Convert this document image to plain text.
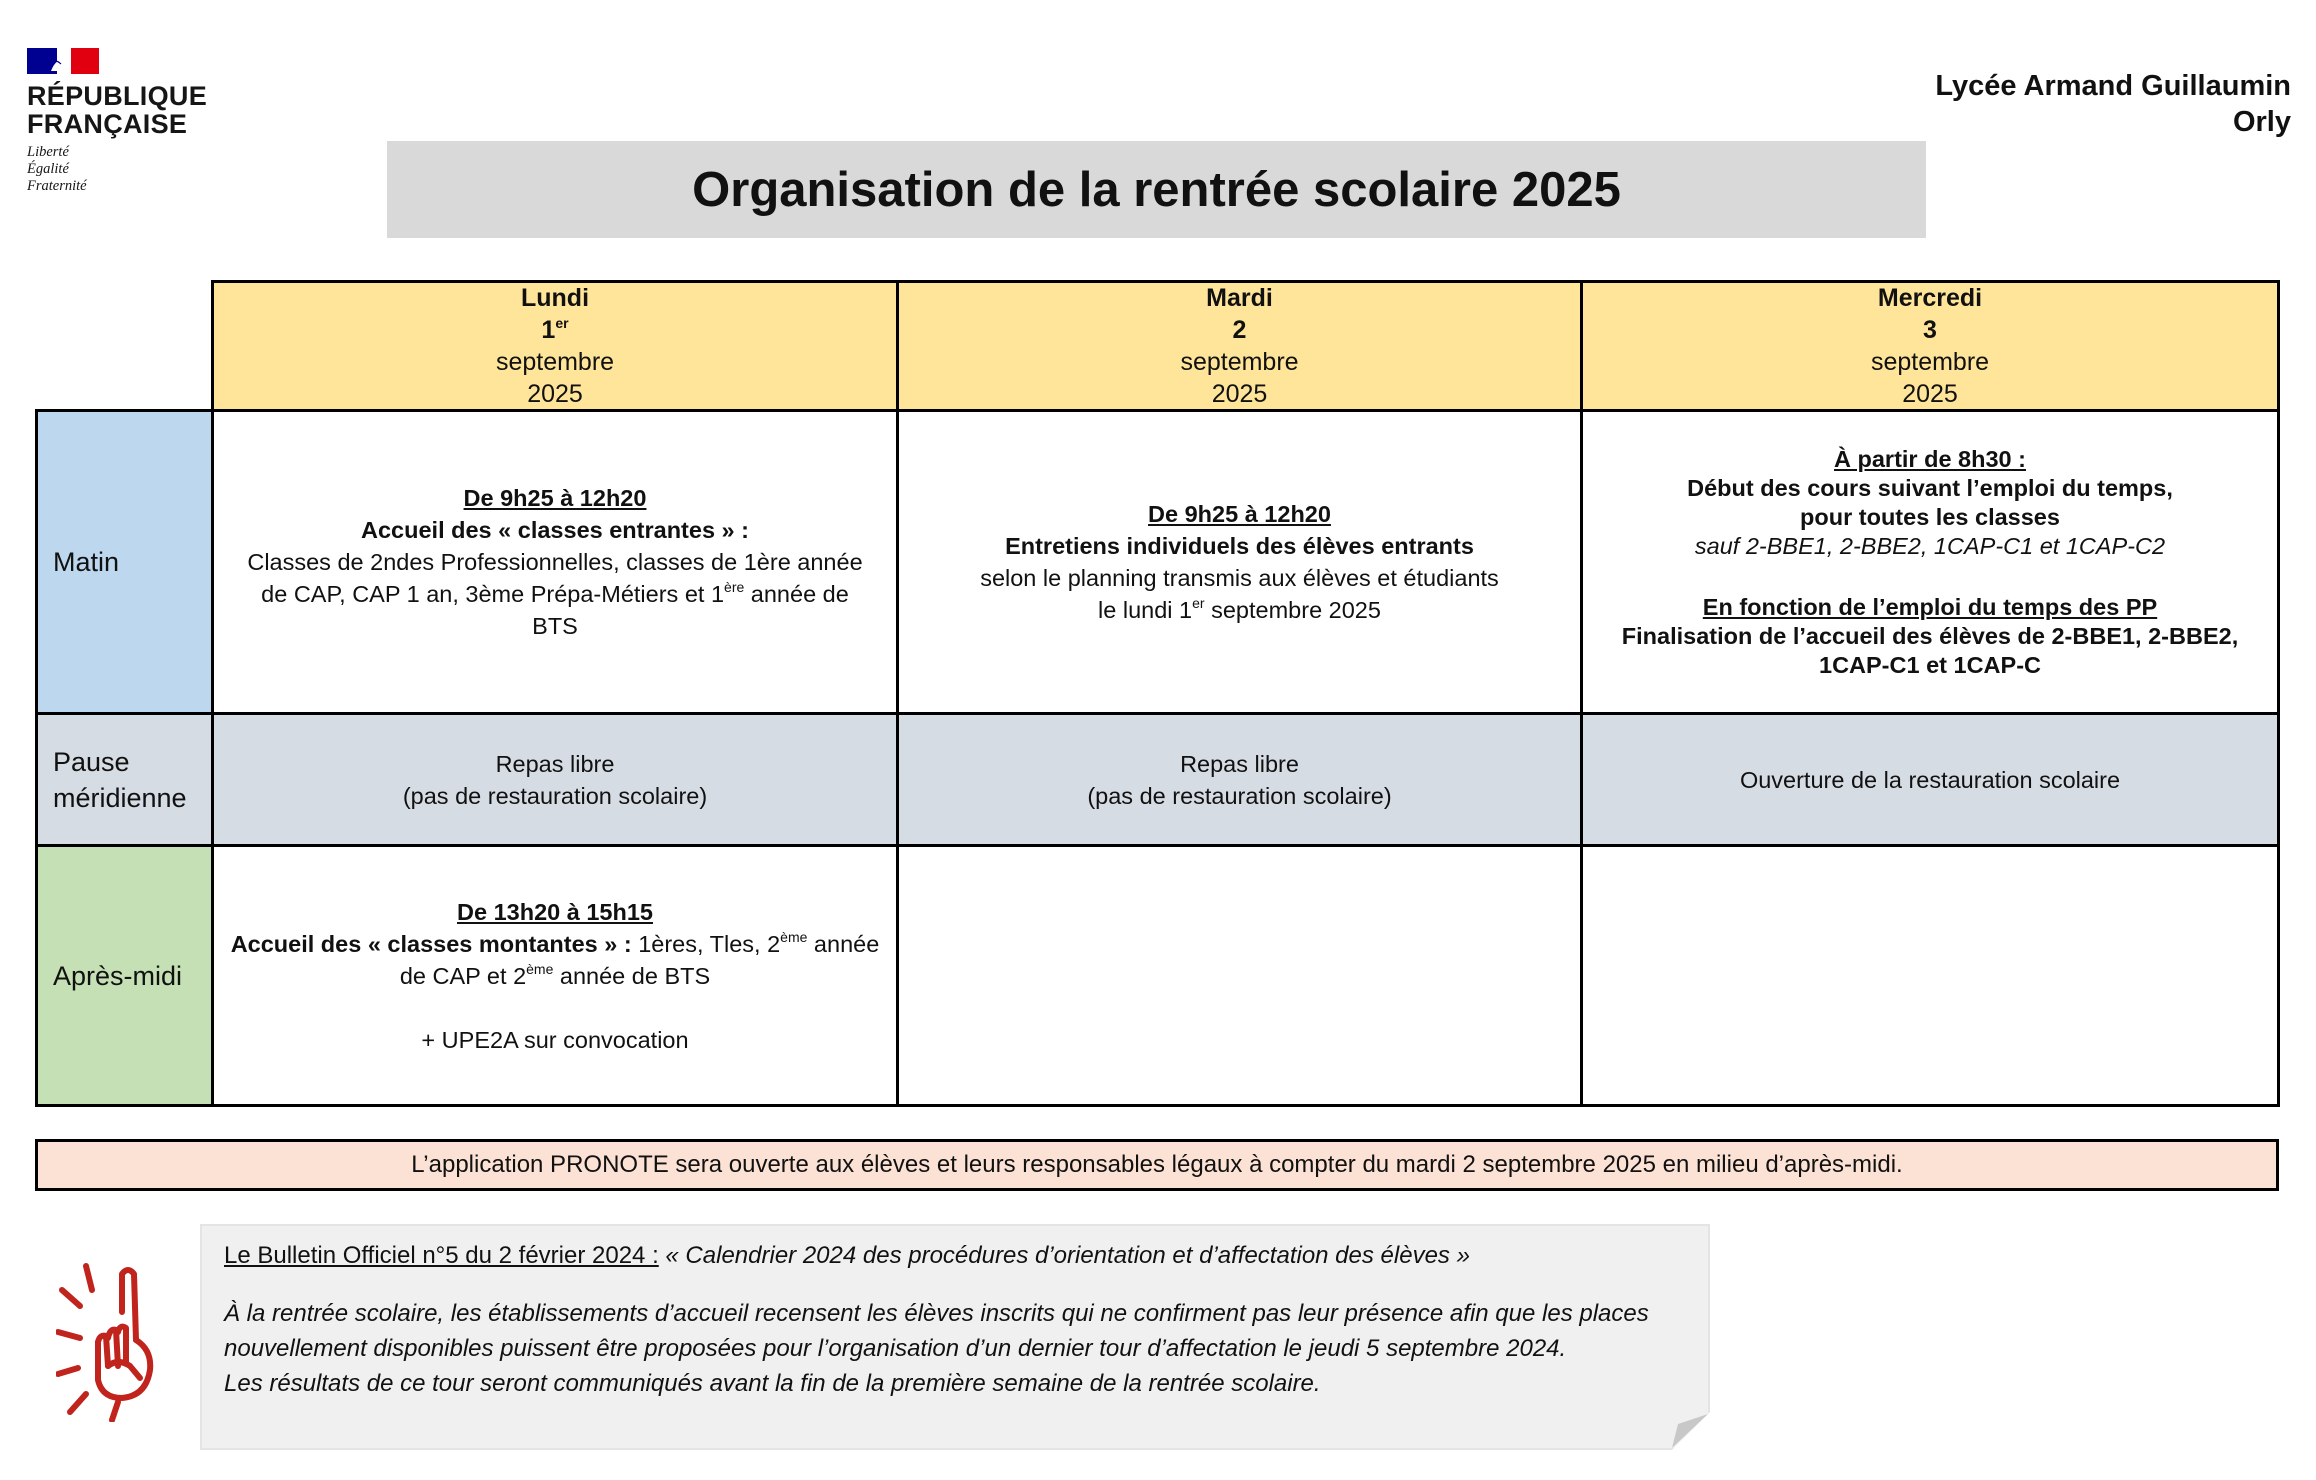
RÉPUBLIQUE
FRANÇAISE
Liberté
Égalité
Fraternité
Lycée Armand Guillaumin
Orly
Organisation de la rentrée scolaire 2025
Lundi
1er
septembre
2025
Mardi
2
septembre
2025
Mercredi
3
septembre
2025
Matin
De 9h25 à 12h20
Accueil des « classes entrantes » :
Classes de 2ndes Professionnelles, classes de 1ère année
de CAP, CAP 1 an, 3ème Prépa-Métiers et 1ère année de
BTS
De 9h25 à 12h20
Entretiens individuels des élèves entrants
selon le planning transmis aux élèves et étudiants
le lundi 1er septembre 2025
À partir de 8h30 :
Début des cours suivant l’emploi du temps,
pour toutes les classes
sauf 2-BBE1, 2-BBE2, 1CAP-C1 et 1CAP-C2
En fonction de l’emploi du temps des PP
Finalisation de l’accueil des élèves de 2-BBE1, 2-BBE2,
1CAP-C1 et 1CAP-C
Pause
méridienne
Repas libre
(pas de restauration scolaire)
Repas libre
(pas de restauration scolaire)
Ouverture de la restauration scolaire
Après-midi
De 13h20 à 15h15
Accueil des « classes montantes » : 1ères, Tles, 2ème année
de CAP et 2ème année de BTS
+ UPE2A sur convocation
L’application PRONOTE sera ouverte aux élèves et leurs responsables légaux à compter du mardi 2 septembre 2025 en milieu d’après-midi.
Le Bulletin Officiel n°5 du 2 février 2024 : « Calendrier 2024 des procédures d’orientation et d’affectation des élèves »
À la rentrée scolaire, les établissements d’accueil recensent les élèves inscrits qui ne confirment pas leur présence afin que les places
nouvellement disponibles puissent être proposées pour l’organisation d’un dernier tour d’affectation le jeudi 5 septembre 2024.
Les résultats de ce tour seront communiqués avant la fin de la première semaine de la rentrée scolaire.
